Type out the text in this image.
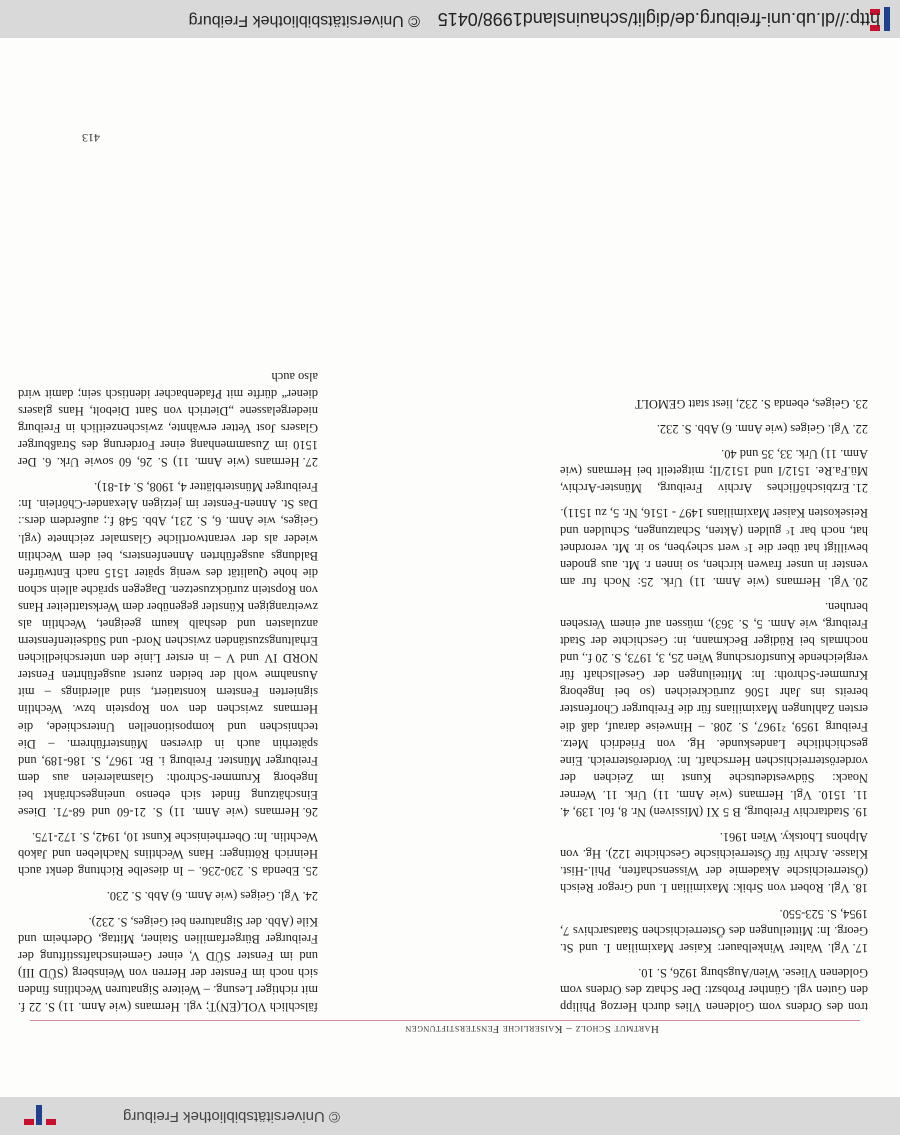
© Universitätsbibliothek Freiburg
Hartmut Scholz – Kaiserliche Fensterstiftungen

tron des Ordens vom Goldenen Vlies durch Herzog Philipp den Guten vgl. Günther Probszt: Der Schatz des Ordens vom Goldenen Vliese. Wien/Augsburg 1926, S. 10.

17.Vgl. Walter Winkelbauer: Kaiser Maximilian I. und St. Georg. In: Mitteilungen des Österreichischen Staatsarchivs 7, 1954, S. 523-550.

18.Vgl. Robert von Srbik: Maximilian I. und Gregor Reisch (Österreichische Akademie der Wissenschaften, Phil.-Hist. Klasse. Archiv für Österreichische Geschichte 122). Hg. von Alphons Lhotsky. Wien 1961.

19.Stadtarchiv Freiburg, B 5 XI (Missiven) Nr. 8, fol. 139, 4. 11. 1510. Vgl. Hermans (wie Anm. 11) Urk. 11. Werner Noack: Südwestdeutsche Kunst im Zeichen der vorderösterreichischen Herrschaft. In: Vorderösterreich. Eine geschichtliche Landeskunde. Hg. von Friedrich Metz. Freiburg 1959, ²1967, S. 208. – Hinweise darauf, daß die ersten Zahlungen Maximilians für die Freiburger Chorfenster bereits ins Jahr 1506 zurückreichen (so bei Ingeborg Krummer-Schroth: In: Mitteilungen der Gesellschaft für vergleichende Kunstforschung Wien 25, 3, 1973, S. 20 f., und nochmals bei Rüdiger Beckmann, in: Geschichte der Stadt Freiburg, wie Anm. 5, S. 363), müssen auf einem Versehen beruhen.

20.Vgl. Hermans (wie Anm. 11) Urk. 25: Noch fur am venster in unser frawen kirchen, so innen r. Mt. aus gnoden bewilligt hat über die 1ᶜ wert scheyben, so ir. Mt. verordnet hat, noch bar 1ᶜ gulden (Akten, Schatzungen, Schulden und Reisekosten Kaiser Maximilians 1497 - 1516, Nr. 5, zu 1511).

21.Erzbischöfliches Archiv Freiburg, Münster-Archiv, Mü.Fa.Re. 1512/I und 1512/II; mitgeteilt bei Hermans (wie Anm. 11) Urk. 33, 35 und 40.

22.Vgl. Geiges (wie Anm. 6) Abb. S. 232.

23.Geiges, ebenda S. 232, liest statt GEMOLT

fälschlich VOL(EN)T; vgl. Hermans (wie Anm. 11) S. 22 f. mit richtiger Lesung. – Weitere Signaturen Wechtlins finden sich noch im Fenster der Herren von Weinsberg (SÜD III) und im Fenster SÜD V, einer Gemeinschaftsstiftung der Freiburger Bürgerfamilien Stainer, Mittag, Oderheim und Kile (Abb. der Signaturen bei Geiges, S. 232).

24.Vgl. Geiges (wie Anm. 6) Abb. S. 230.

25.Ebenda S. 230-236. – In dieselbe Richtung denkt auch Heinrich Röttinger: Hans Wechtlins Nachleben und Jakob Wechtlin. In: Oberrheinische Kunst 10, 1942, S. 172-175.

26.Hermans (wie Anm. 11) S. 21-60 und 68-71. Diese Einschätzung findet sich ebenso uneingeschränkt bei Ingeborg Krummer-Schroth: Glasmalereien aus dem Freiburger Münster. Freiburg i. Br. 1967, S. 186-189, und späterhin auch in diversen Münsterführern. – Die technischen und kompositionellen Unterschiede, die Hermans zwischen den von Ropstein bzw. Wechtlin signierten Fenstern konstatiert, sind allerdings – mit Ausnahme wohl der beiden zuerst ausgeführten Fenster NORD IV und V – in erster Linie den unterschiedlichen Erhaltungszuständen zwischen Nord- und Südseitenfenstern anzulasten und deshalb kaum geeignet, Wechtlin als zweitrangigen Künstler gegenüber dem Werkstattleiter Hans von Ropstein zurückzusetzen. Dagegen spräche allein schon die hohe Qualität des wenig später 1515 nach Entwürfen Baldungs ausgeführten Annenfensters, bei dem Wechtlin wieder als der verantwortliche Glasmaler zeichnete (vgl. Geiges, wie Anm. 6, S. 231, Abb. 548 f.; außerdem ders.: Das St. Annen-Fenster im jetzigen Alexander-Chörlein. In: Freiburger Münsterblätter 4, 1908, S. 41-81).

27.Hermans (wie Anm. 11) S. 26, 60 sowie Urk. 6. Der 1510 im Zusammenhang einer Forderung des Straßburger Glasers Jost Vetter erwähnte, zwischenzeitlich in Freiburg niedergelassene „Dietrich von Sant Diebolt, Hans glasers diener“ dürfte mit Pfadenbacher identisch sein; damit wird also auch

413
© Universitätsbibliothek Freiburg http://dl.ub.uni-freiburg.de/diglit/schauinsland1998/0415
